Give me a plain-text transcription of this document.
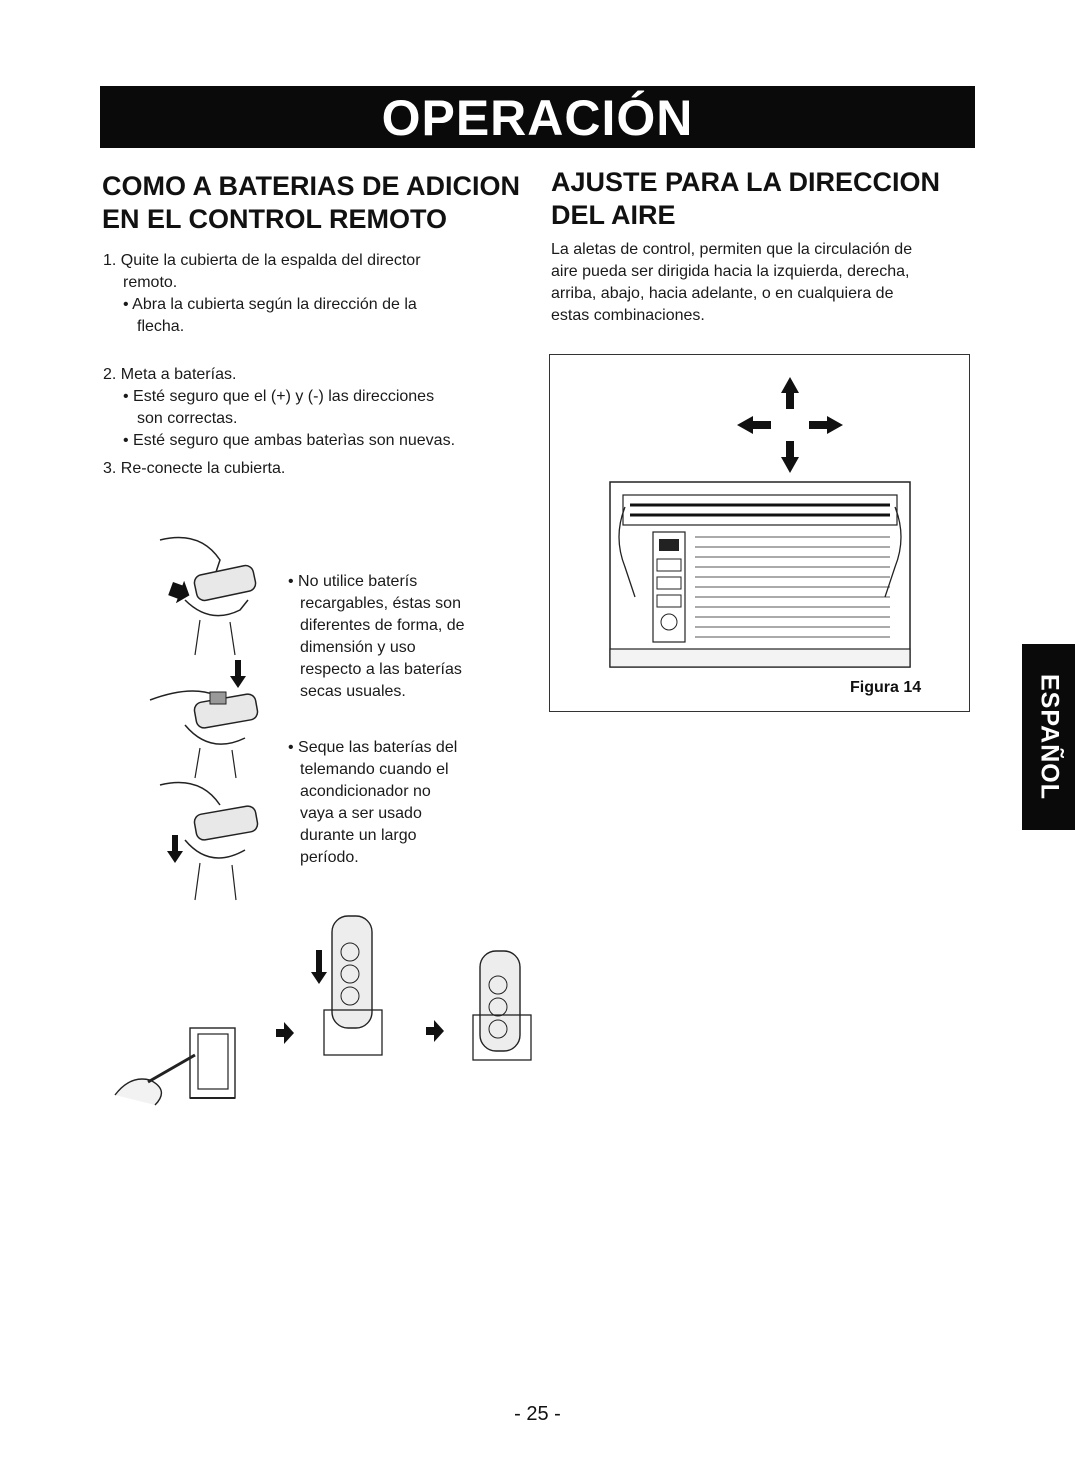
OPERACIÓN
COMO A BATERIAS DE ADICION
EN EL CONTROL REMOTO
AJUSTE PARA LA DIRECCION
DEL AIRE

1. Quite la cubierta de la espalda del director

remoto.

• Abra la cubierta según la dirección de la

flecha.

2. Meta a baterías.

• Esté seguro que el (+) y (-) las direcciones

son correctas.

• Esté seguro que ambas baterìas son nuevas.

3. Re-conecte la cubierta.

La aletas de control, permiten que la circulación de
aire pueda ser dirigida hacia la izquierda, derecha,
arriba, abajo, hacia adelante, o en cualquiera de
estas combinaciones.

• No utilice baterís

recargables, éstas son

diferentes de forma, de

dimensión y uso

respecto a las baterías

secas usuales.

• Seque las baterías del

telemando cuando el

acondicionador no

vaya a ser usado

durante un largo

período.

Figura 14	ESPAÑOL
- 25 -
